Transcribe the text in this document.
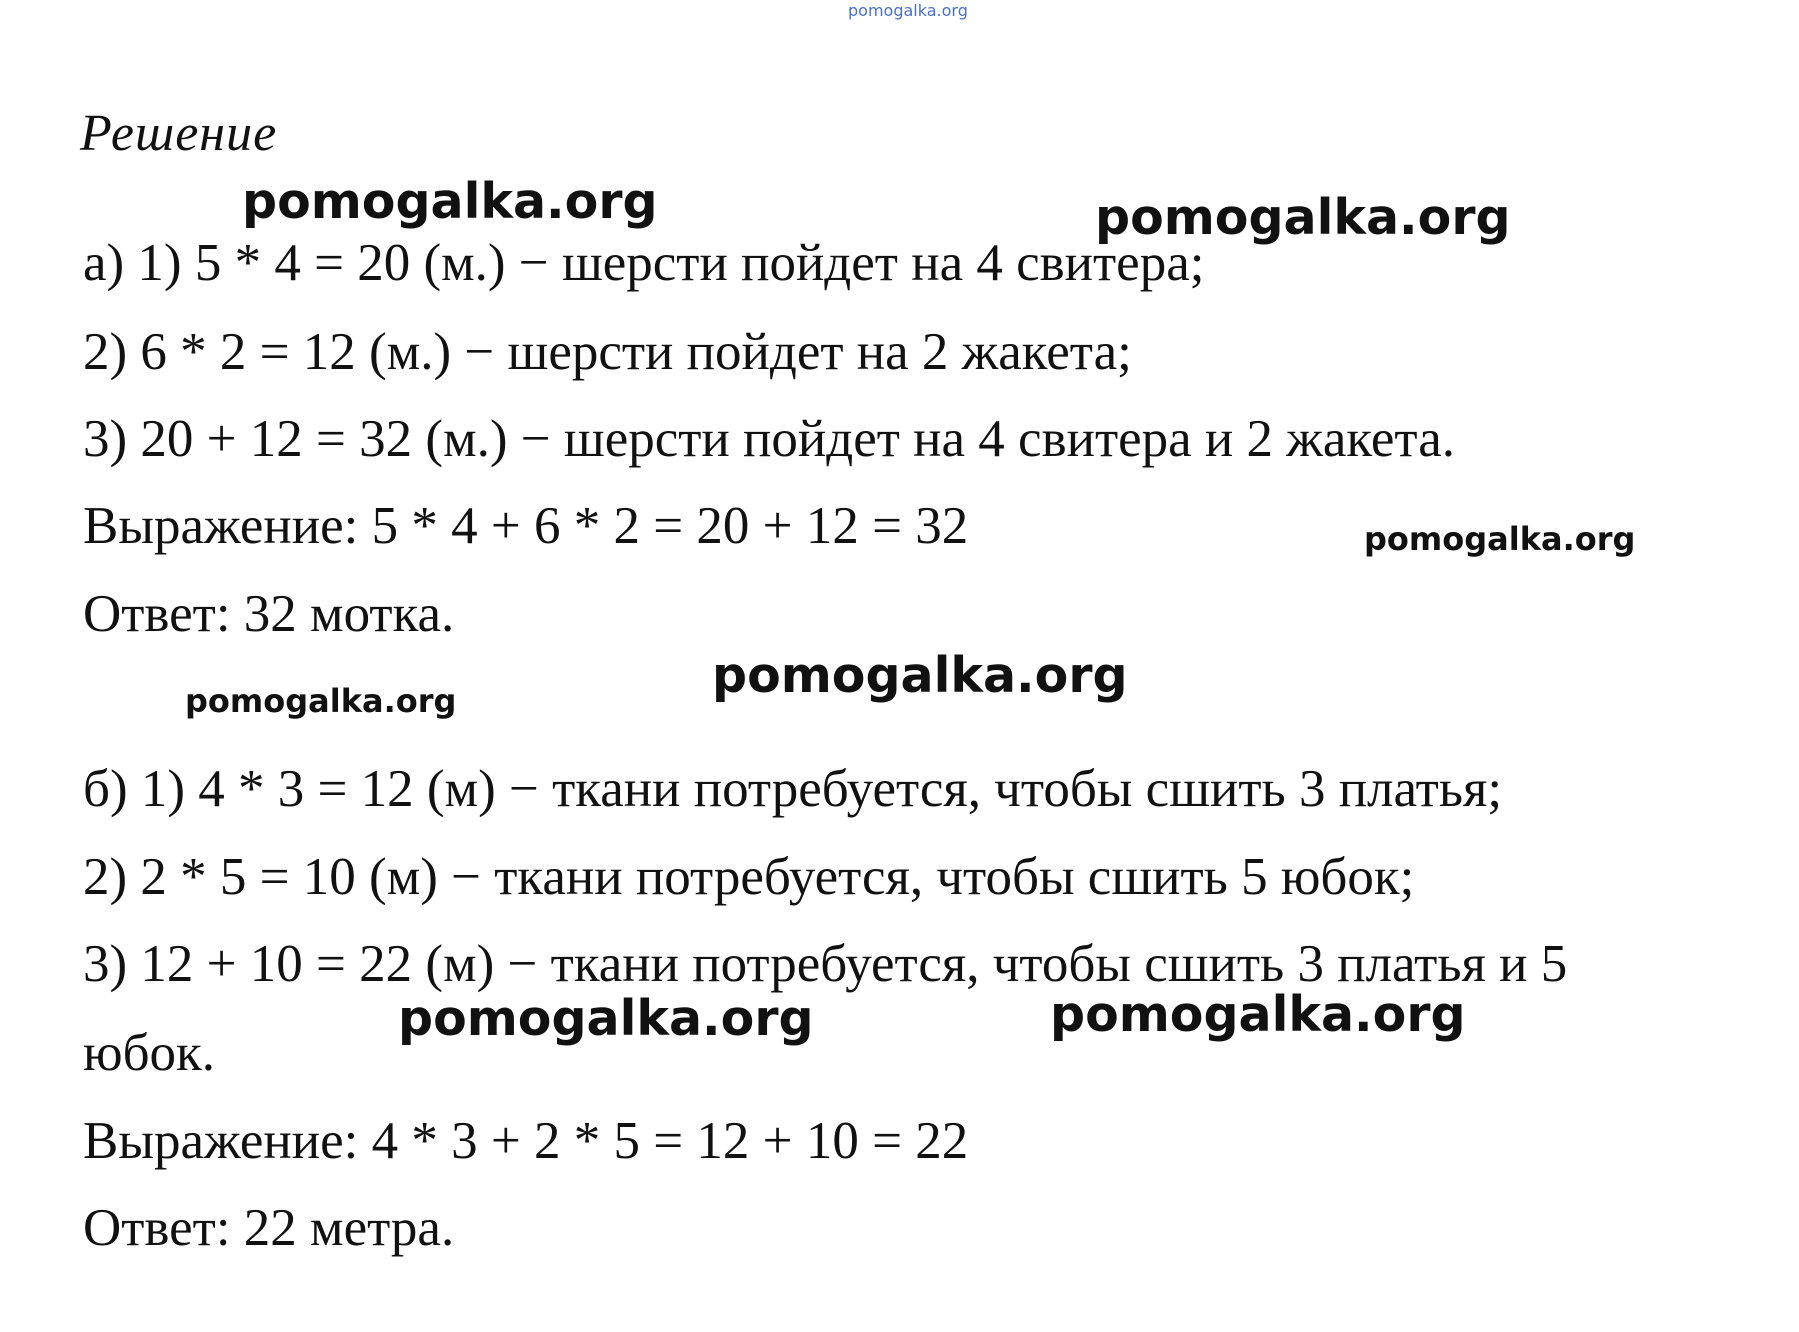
pomogalka.org
Решение
а) 1) 5 * 4 = 20 (м.) − шерсти пойдет на 4 свитера;
2) 6 * 2 = 12 (м.) − шерсти пойдет на 2 жакета;
3) 20 + 12 = 32 (м.) − шерсти пойдет на 4 свитера и 2 жакета.
Выражение: 5 * 4 + 6 * 2 = 20 + 12 = 32
Ответ: 32 мотка.
б) 1) 4 * 3 = 12 (м) − ткани потребуется, чтобы сшить 3 платья;
2) 2 * 5 = 10 (м) − ткани потребуется, чтобы сшить 5 юбок;
3) 12 + 10 = 22 (м) − ткани потребуется, чтобы сшить 3 платья и 5
юбок.
Выражение: 4 * 3 + 2 * 5 = 12 + 10 = 22
Ответ: 22 метра.
pomogalka.org	pomogalka.org
pomogalka.org
pomogalka.org
pomogalka.org
pomogalka.org	pomogalka.org
